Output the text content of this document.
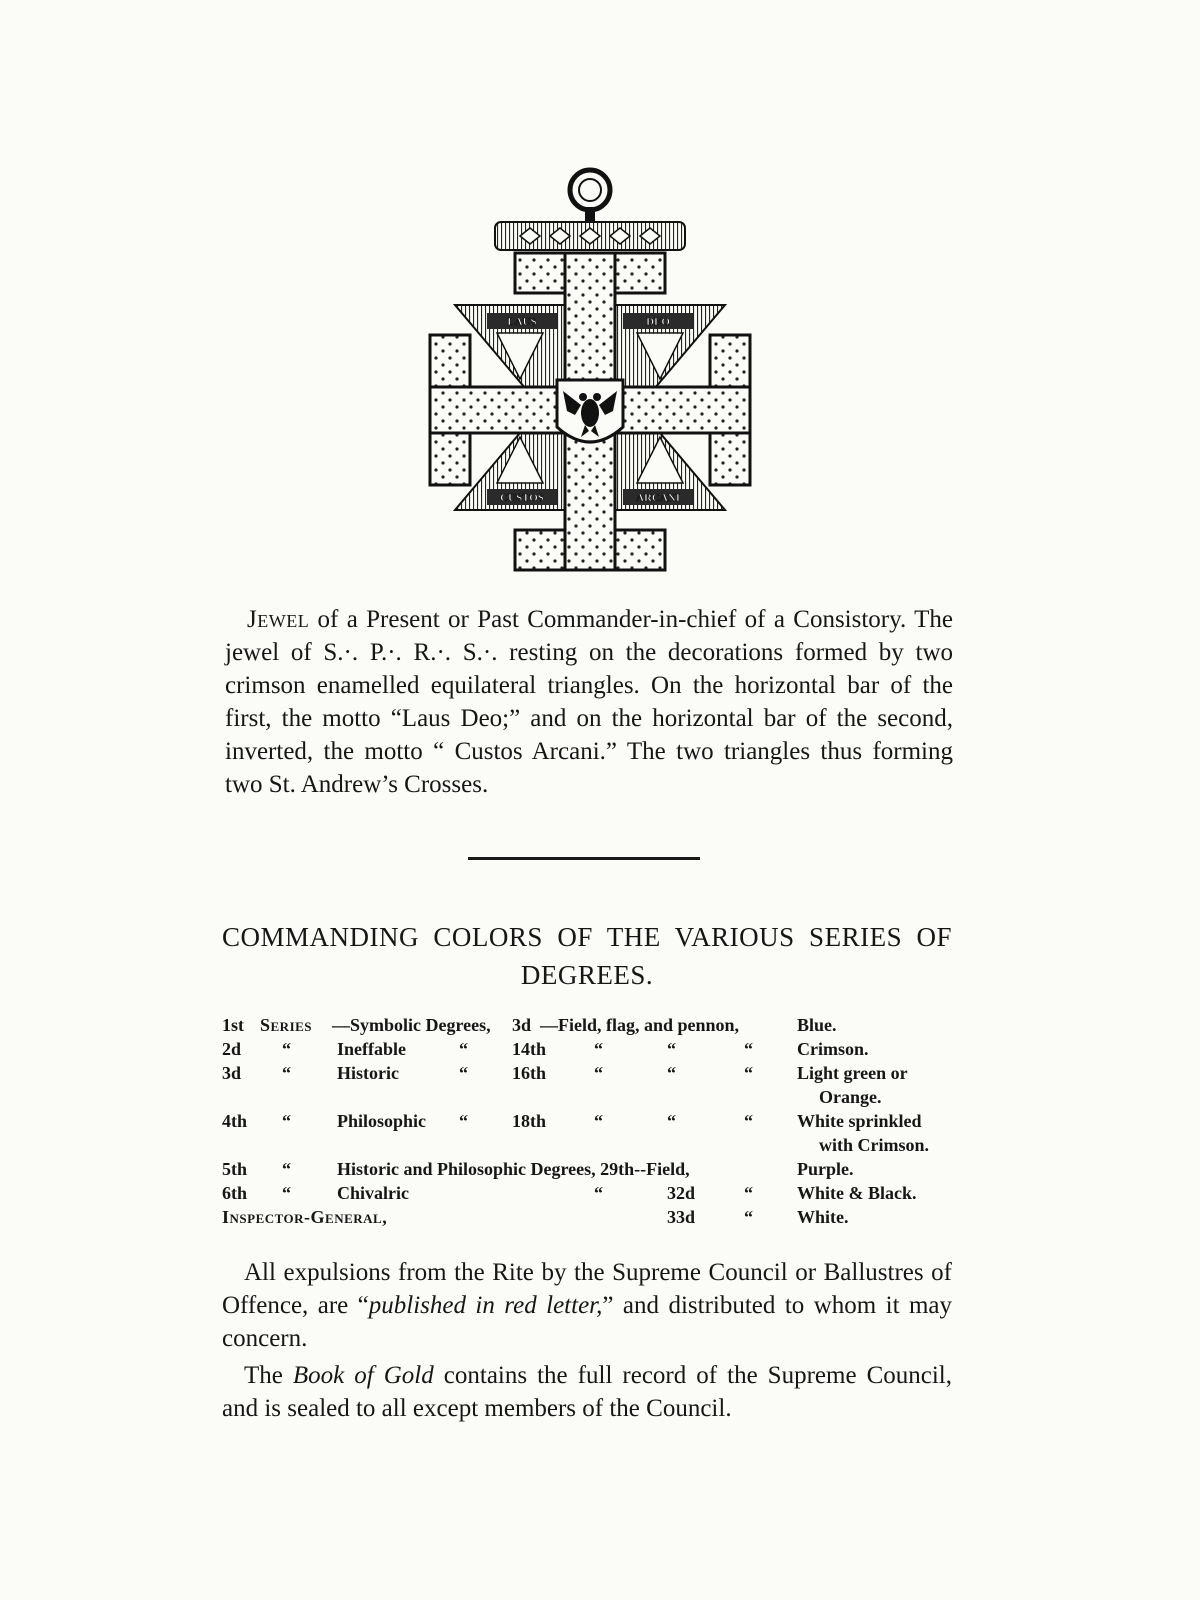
LAUS	DEO
CUSTOS	ARCANI

Jewel of a Present or Past Commander-in-chief of a Consistory. The jewel of S.·. P.·. R.·. S.·. resting on the decorations formed by two crimson enamelled equilateral triangles. On the horizontal bar of the first, the motto “Laus Deo;” and on the horizontal bar of the second, inverted, the motto “ Custos Arcani.” The two triangles thus forming two St. Andrew’s Crosses.

COMMANDING COLORS OF THE VARIOUS SERIES OF
DEGREES.
1st Series —Symbolic Degrees, 3d —Field, flag, and pennon,	Blue.
2d “	Ineffable	“ 14th	“	“	“ Crimson.
3d “	Historic	“ 16th	“	“	“ Light green or
Orange.
4th “	Philosophic “ 18th	“	“	“ White sprinkled
with Crimson.
5th “	Historic and Philosophic Degrees, 29th--Field,	Purple.
6th “	Chivalric	“	32d	“ White & Black.
Inspector-General,	33d	“ White.

All expulsions from the Rite by the Supreme Council or Ballustres of Offence, are “published in red letter,” and distributed to whom it may concern.

The Book of Gold contains the full record of the Supreme Council, and is sealed to all except members of the Council.
